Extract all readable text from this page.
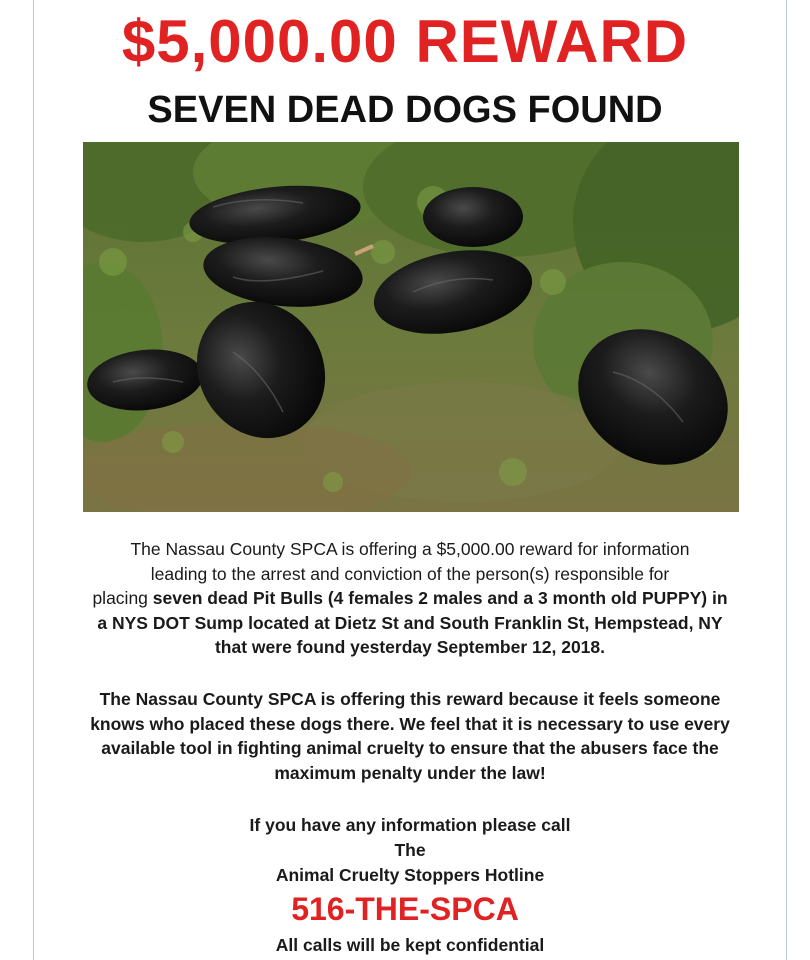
$5,000.00 REWARD
SEVEN DEAD DOGS FOUND
The Nassau County SPCA is offering a $5,000.00 reward for information
leading to the arrest and conviction of the person(s) responsible for
placing seven dead Pit Bulls (4 females 2 males and a 3 month old PUPPY) in
a NYS DOT Sump located at Dietz St and South Franklin St, Hempstead, NY
that were found yesterday September 12, 2018.
The Nassau County SPCA is offering this reward because it feels someone
knows who placed these dogs there. We feel that it is necessary to use every
available tool in fighting animal cruelty to ensure that the abusers face the
maximum penalty under the law!
If you have any information please call
The
Animal Cruelty Stoppers Hotline
516-THE-SPCA
All calls will be kept confidential
